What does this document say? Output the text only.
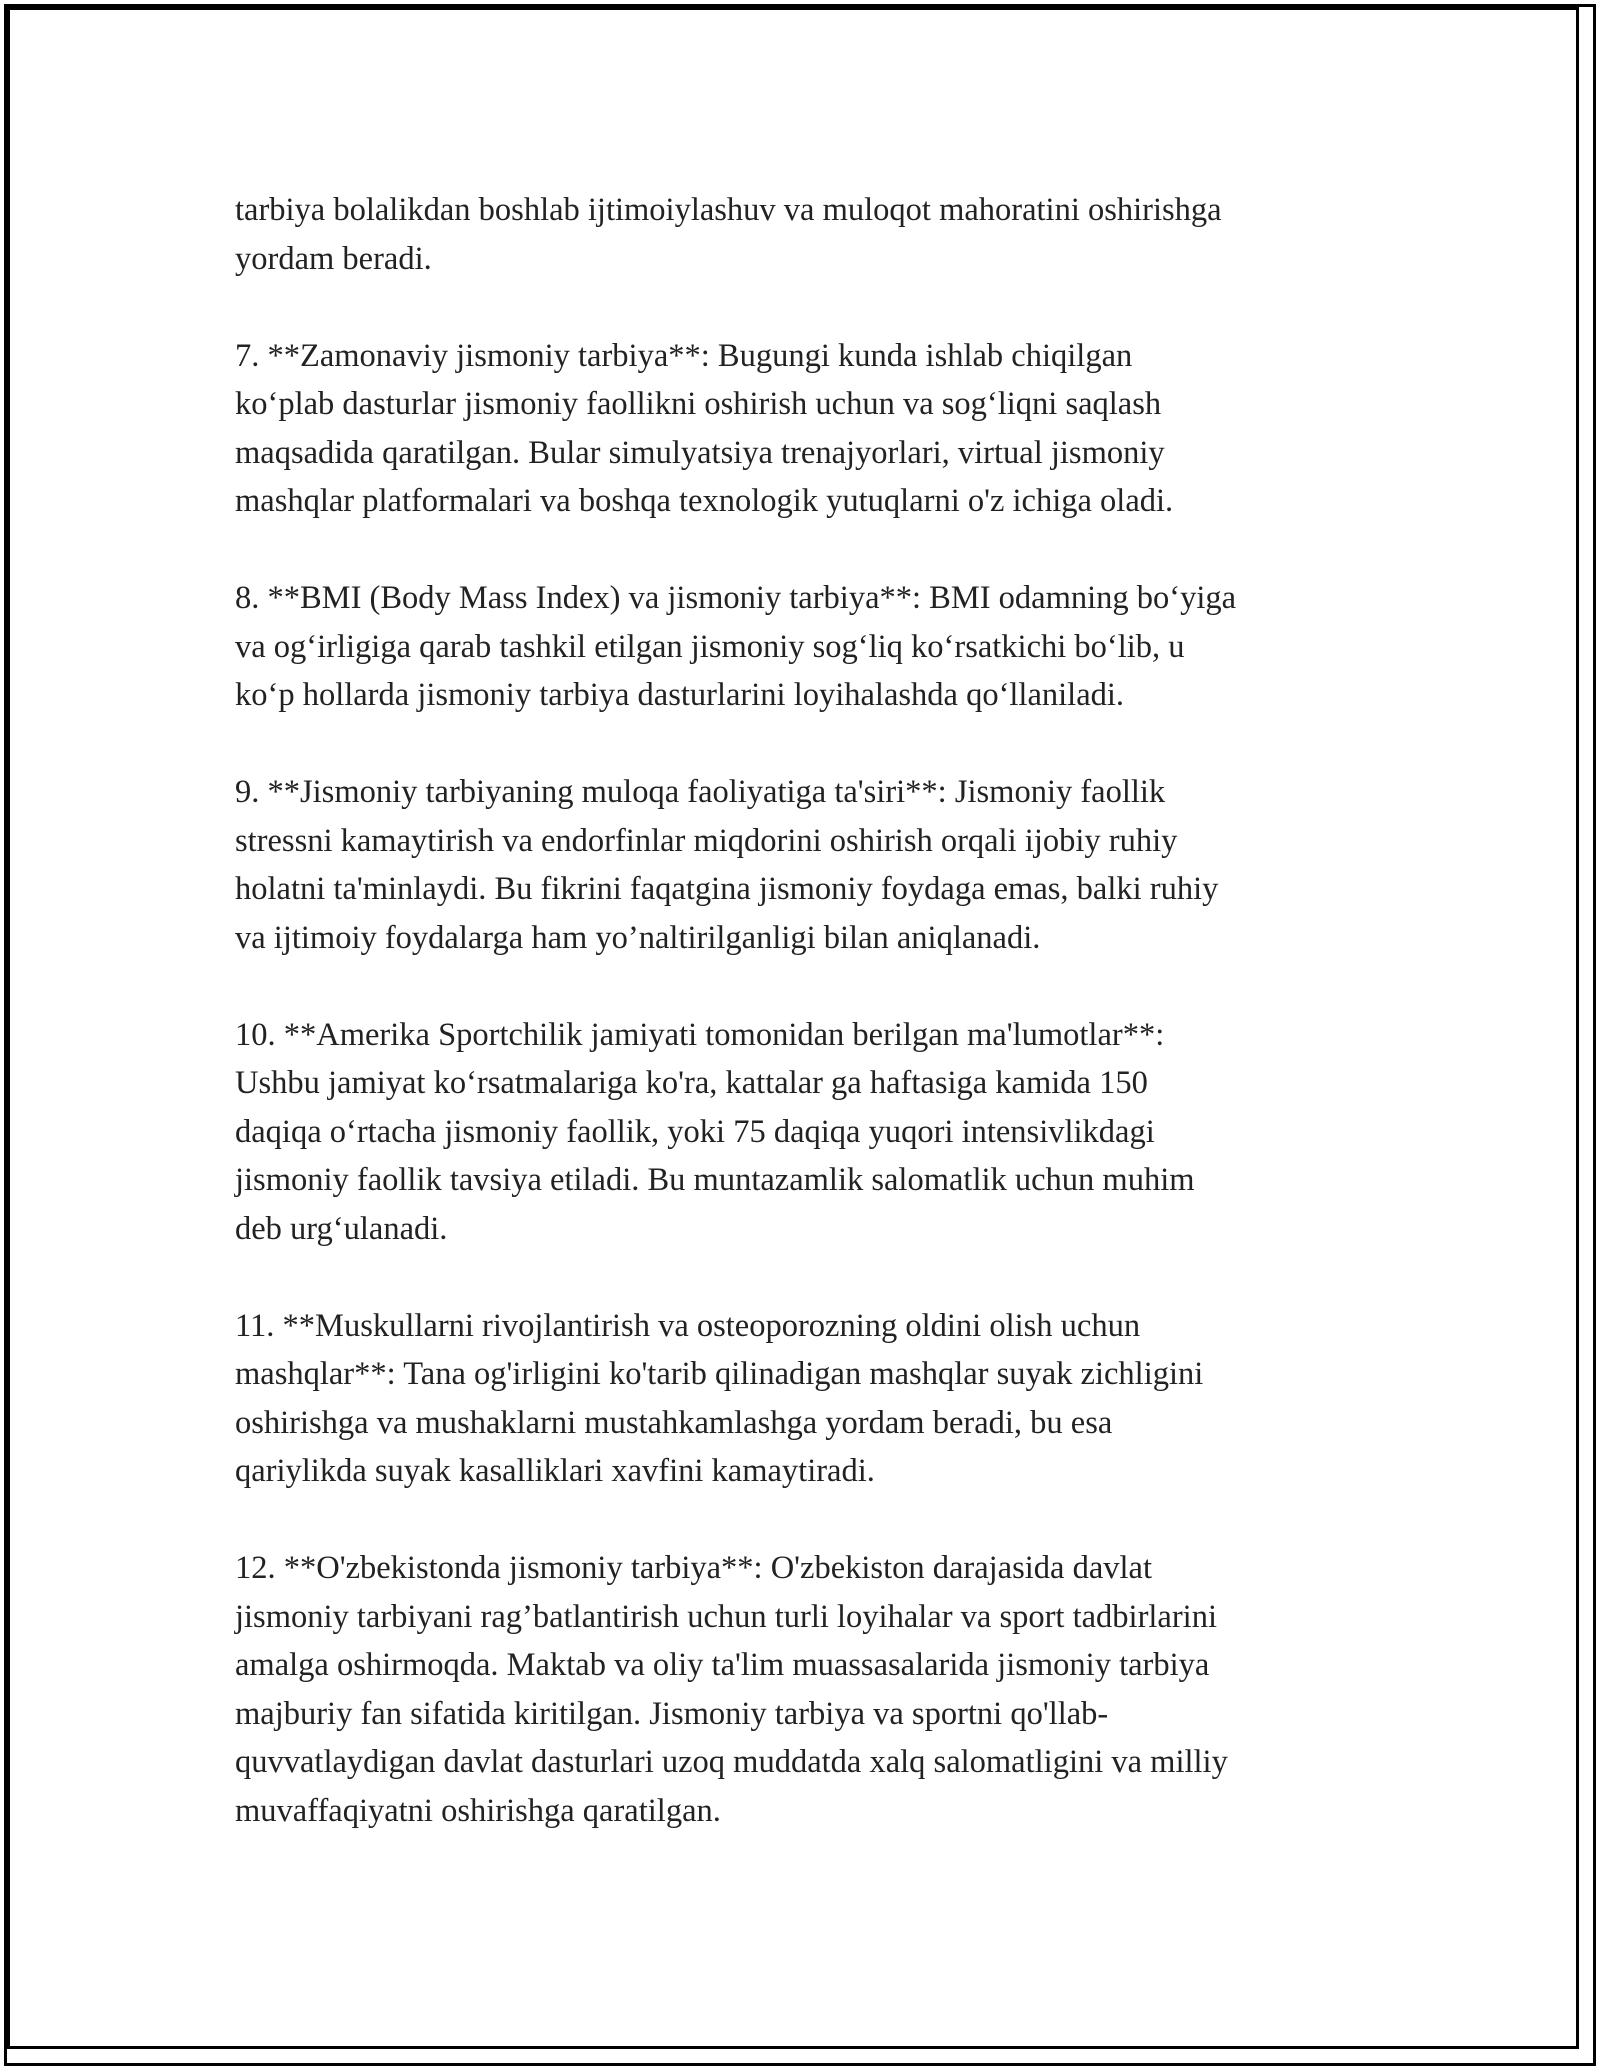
tarbiya bolalikdan boshlab ijtimoiylashuv va muloqot mahoratini oshirishga
yordam beradi.

7. **Zamonaviy jismoniy tarbiya**: Bugungi kunda ishlab chiqilgan
ko‘plab dasturlar jismoniy faollikni oshirish uchun va sog‘liqni saqlash
maqsadida qaratilgan. Bular simulyatsiya trenajyorlari, virtual jismoniy
mashqlar platformalari va boshqa texnologik yutuqlarni o'z ichiga oladi.

8. **BMI (Body Mass Index) va jismoniy tarbiya**: BMI odamning bo‘yiga
va og‘irligiga qarab tashkil etilgan jismoniy sog‘liq ko‘rsatkichi bo‘lib, u
ko‘p hollarda jismoniy tarbiya dasturlarini loyihalashda qo‘llaniladi.

9. **Jismoniy tarbiyaning muloqa faoliyatiga ta'siri**: Jismoniy faollik
stressni kamaytirish va endorfinlar miqdorini oshirish orqali ijobiy ruhiy
holatni ta'minlaydi. Bu fikrini faqatgina jismoniy foydaga emas, balki ruhiy
va ijtimoiy foydalarga ham yo’naltirilganligi bilan aniqlanadi.

10. **Amerika Sportchilik jamiyati tomonidan berilgan ma'lumotlar**:
Ushbu jamiyat ko‘rsatmalariga ko'ra, kattalar ga haftasiga kamida 150
daqiqa o‘rtacha jismoniy faollik, yoki 75 daqiqa yuqori intensivlikdagi
jismoniy faollik tavsiya etiladi. Bu muntazamlik salomatlik uchun muhim
deb urg‘ulanadi.

11. **Muskullarni rivojlantirish va osteoporozning oldini olish uchun
mashqlar**: Tana og'irligini ko'tarib qilinadigan mashqlar suyak zichligini
oshirishga va mushaklarni mustahkamlashga yordam beradi, bu esa
qariylikda suyak kasalliklari xavfini kamaytiradi.

12. **O'zbekistonda jismoniy tarbiya**: O'zbekiston darajasida davlat
jismoniy tarbiyani rag’batlantirish uchun turli loyihalar va sport tadbirlarini
amalga oshirmoqda. Maktab va oliy ta'lim muassasalarida jismoniy tarbiya
majburiy fan sifatida kiritilgan. Jismoniy tarbiya va sportni qo'llab-
quvvatlaydigan davlat dasturlari uzoq muddatda xalq salomatligini va milliy
muvaffaqiyatni oshirishga qaratilgan.
